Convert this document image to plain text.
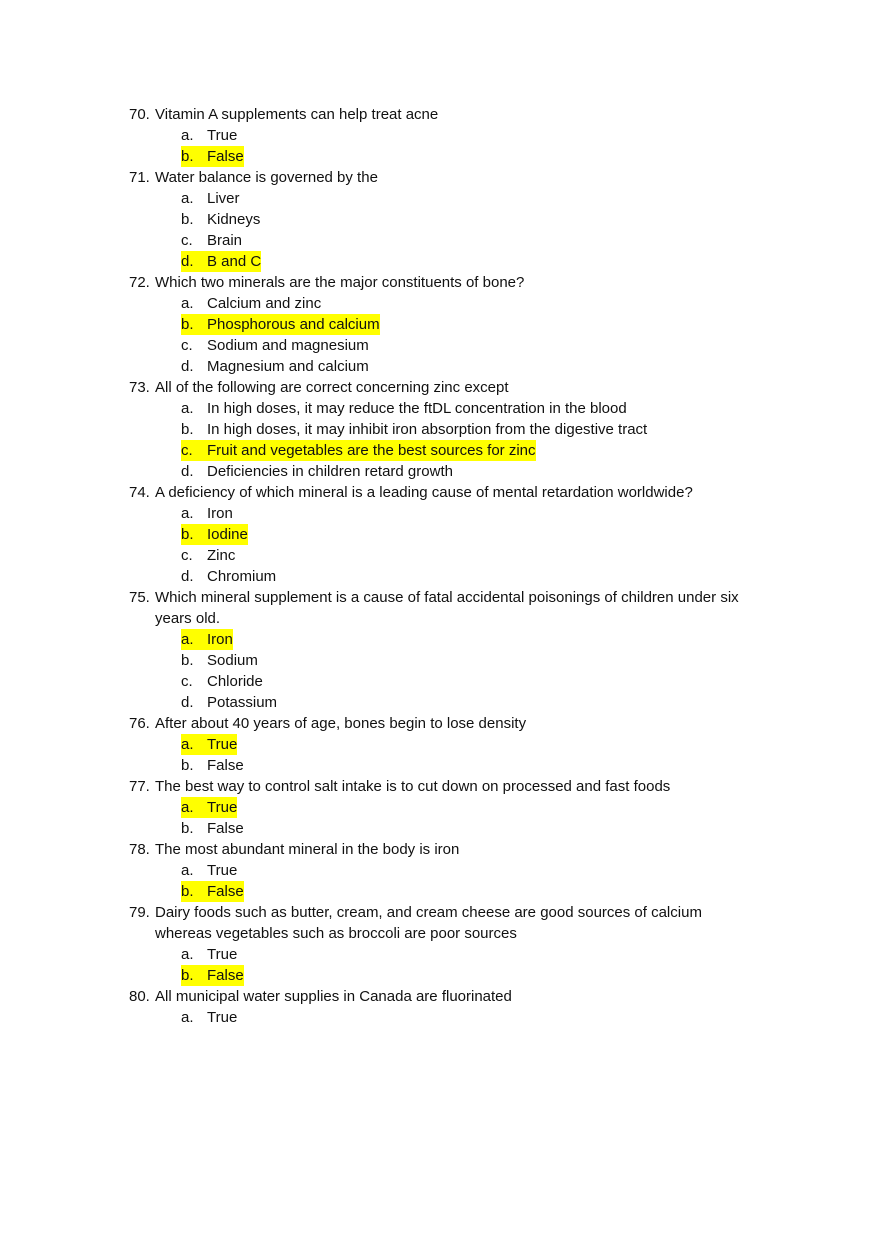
70. Vitamin A supplements can help treat acne
a. True
b. False
71. Water balance is governed by the
a. Liver
b. Kidneys
c. Brain
d. B and C
72. Which two minerals are the major constituents of bone?
a. Calcium and zinc
b. Phosphorous and calcium
c. Sodium and magnesium
d. Magnesium and calcium
73. All of the following are correct concerning zinc except
a. In high doses, it may reduce the ftDL concentration in the blood
b. In high doses, it may inhibit iron absorption from the digestive tract
c. Fruit and vegetables are the best sources for zinc
d. Deficiencies in children retard growth
74. A deficiency of which mineral is a leading cause of mental retardation worldwide?
a. Iron
b. Iodine
c. Zinc
d. Chromium
75. Which mineral supplement is a cause of fatal accidental poisonings of children under six
years old.
a. Iron
b. Sodium
c. Chloride
d. Potassium
76. After about 40 years of age, bones begin to lose density
a. True
b. False
77. The best way to control salt intake is to cut down on processed and fast foods
a. True
b. False
78. The most abundant mineral in the body is iron
a. True
b. False
79. Dairy foods such as butter, cream, and cream cheese are good sources of calcium
whereas vegetables such as broccoli are poor sources
a. True
b. False
80. All municipal water supplies in Canada are fluorinated
a. True
